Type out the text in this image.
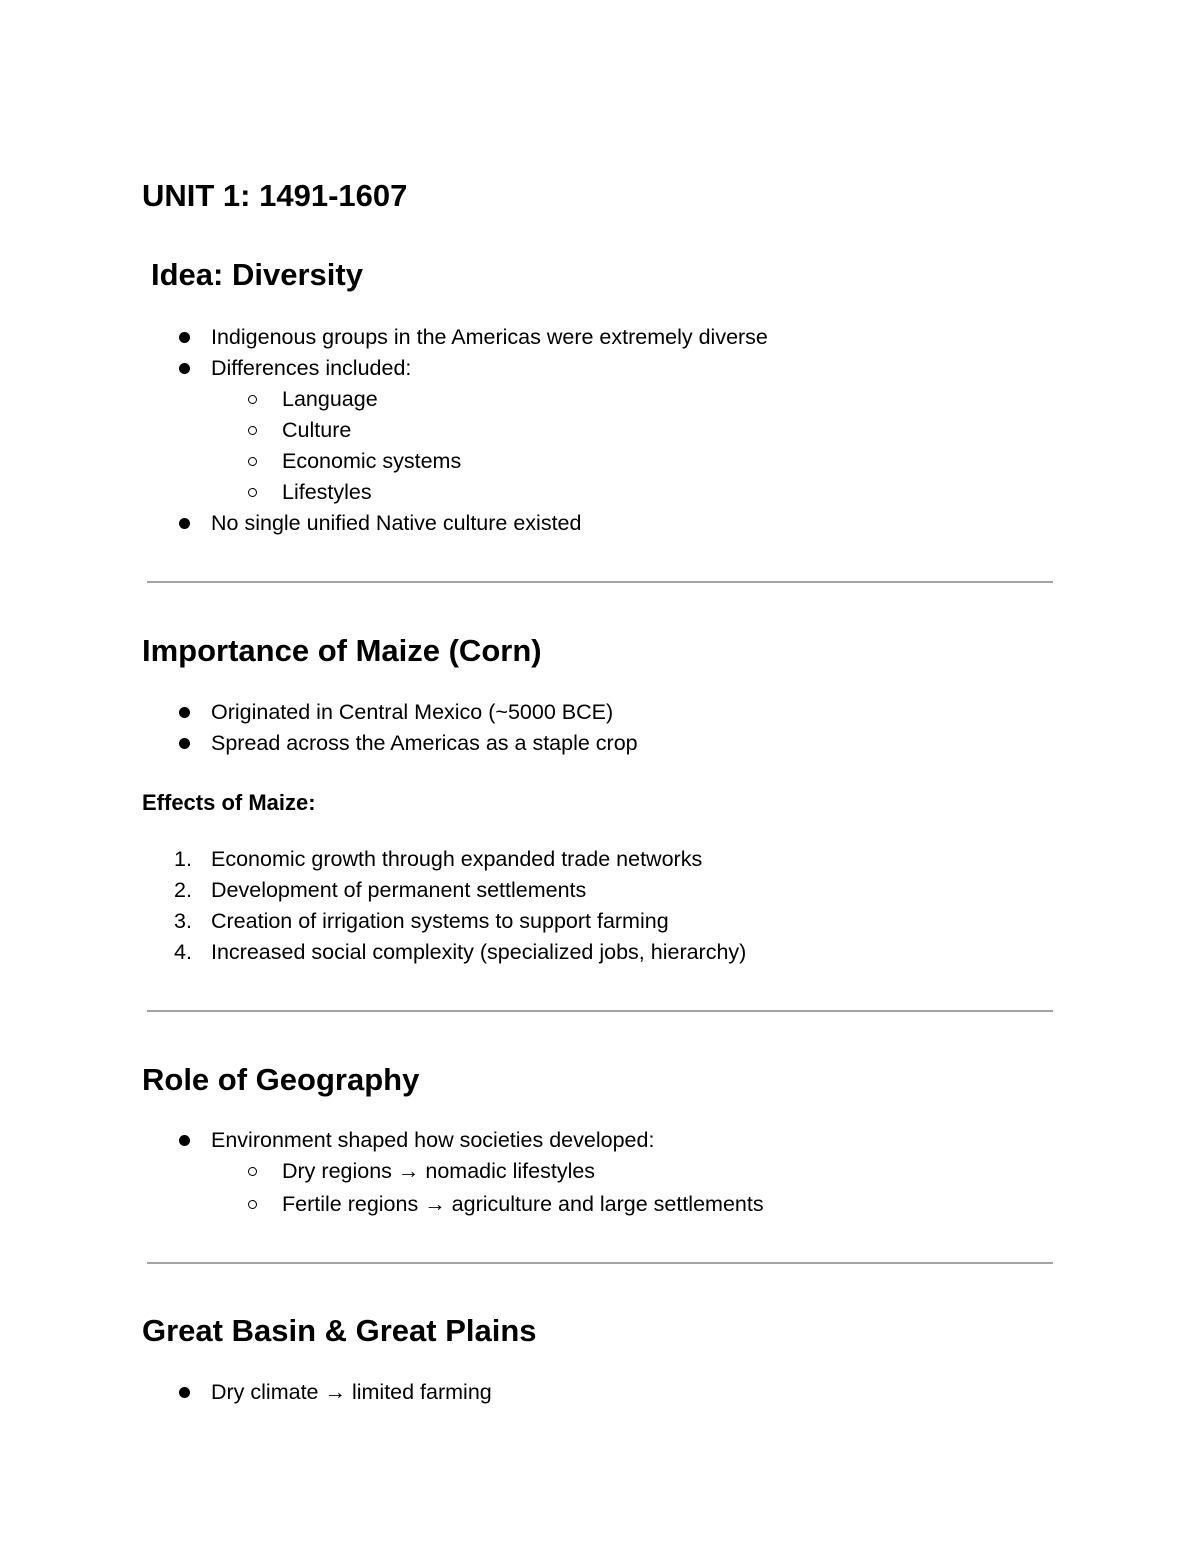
UNIT 1: 1491-1607
Idea: Diversity
Indigenous groups in the Americas were extremely diverse
Differences included:
Language
Culture
Economic systems
Lifestyles
No single unified Native culture existed
Importance of Maize (Corn)
Originated in Central Mexico (~5000 BCE)
Spread across the Americas as a staple crop
Effects of Maize:
1. Economic growth through expanded trade networks
2. Development of permanent settlements
3. Creation of irrigation systems to support farming
4. Increased social complexity (specialized jobs, hierarchy)
Role of Geography
Environment shaped how societies developed:
Dry regions → nomadic lifestyles
Fertile regions → agriculture and large settlements
Great Basin & Great Plains
Dry climate → limited farming
